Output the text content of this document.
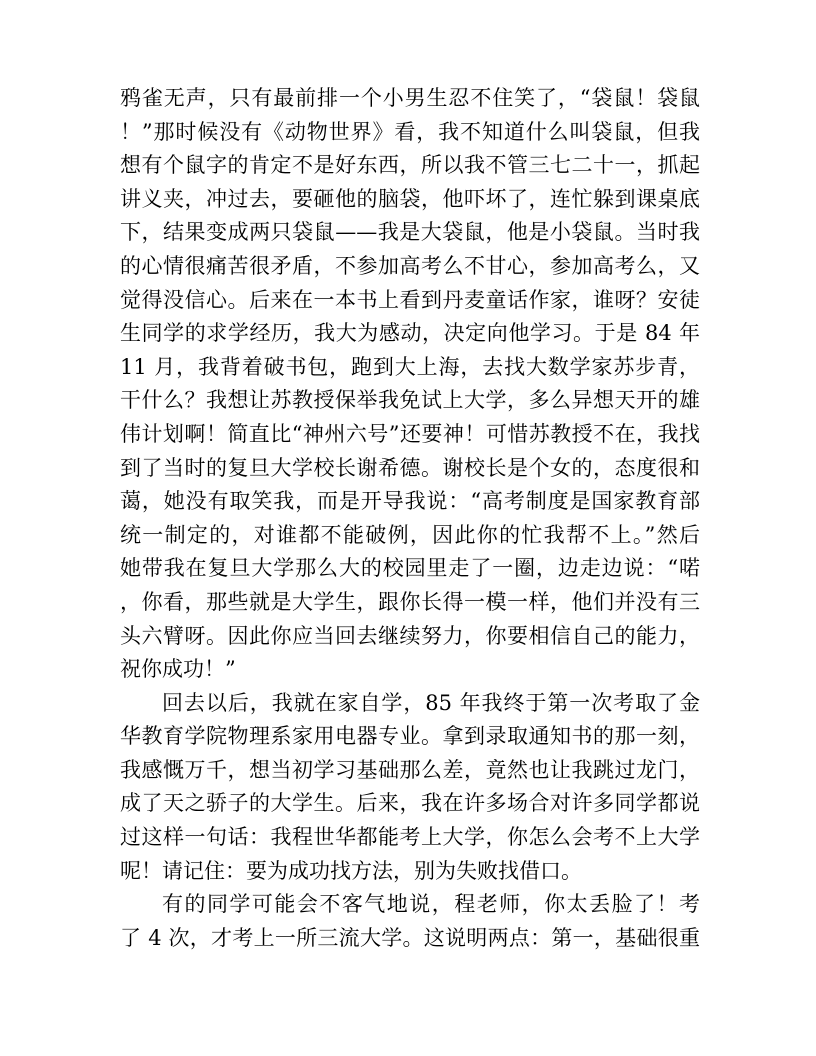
鸦雀无声，只有最前排一个小男生忍不住笑了，“袋鼠！袋鼠
！”那时候没有《动物世界》看，我不知道什么叫袋鼠，但我
想有个鼠字的肯定不是好东西，所以我不管三七二十一，抓起
讲义夹，冲过去，要砸他的脑袋，他吓坏了，连忙躲到课桌底
下，结果变成两只袋鼠——我是大袋鼠，他是小袋鼠。当时我
的心情很痛苦很矛盾，不参加高考么不甘心，参加高考么，又
觉得没信心。后来在一本书上看到丹麦童话作家，谁呀？安徒
生同学的求学经历，我大为感动，决定向他学习。于是 84 年
11 月，我背着破书包，跑到大上海，去找大数学家苏步青，
干什么？我想让苏教授保举我免试上大学，多么异想天开的雄
伟计划啊！简直比“神州六号”还要神！可惜苏教授不在，我找
到了当时的复旦大学校长谢希德。谢校长是个女的，态度很和
蔼，她没有取笑我，而是开导我说：“高考制度是国家教育部
统一制定的，对谁都不能破例，因此你的忙我帮不上。”然后
她带我在复旦大学那么大的校园里走了一圈，边走边说：“喏
，你看，那些就是大学生，跟你长得一模一样，他们并没有三
头六臂呀。因此你应当回去继续努力，你要相信自己的能力，
祝你成功！”
回去以后，我就在家自学，85 年我终于第一次考取了金
华教育学院物理系家用电器专业。拿到录取通知书的那一刻，
我感慨万千，想当初学习基础那么差，竟然也让我跳过龙门，
成了天之骄子的大学生。后来，我在许多场合对许多同学都说
过这样一句话：我程世华都能考上大学，你怎么会考不上大学
呢！请记住：要为成功找方法，别为失败找借口。
有的同学可能会不客气地说，程老师，你太丢脸了！考
了 4 次，才考上一所三流大学。这说明两点：第一，基础很重
